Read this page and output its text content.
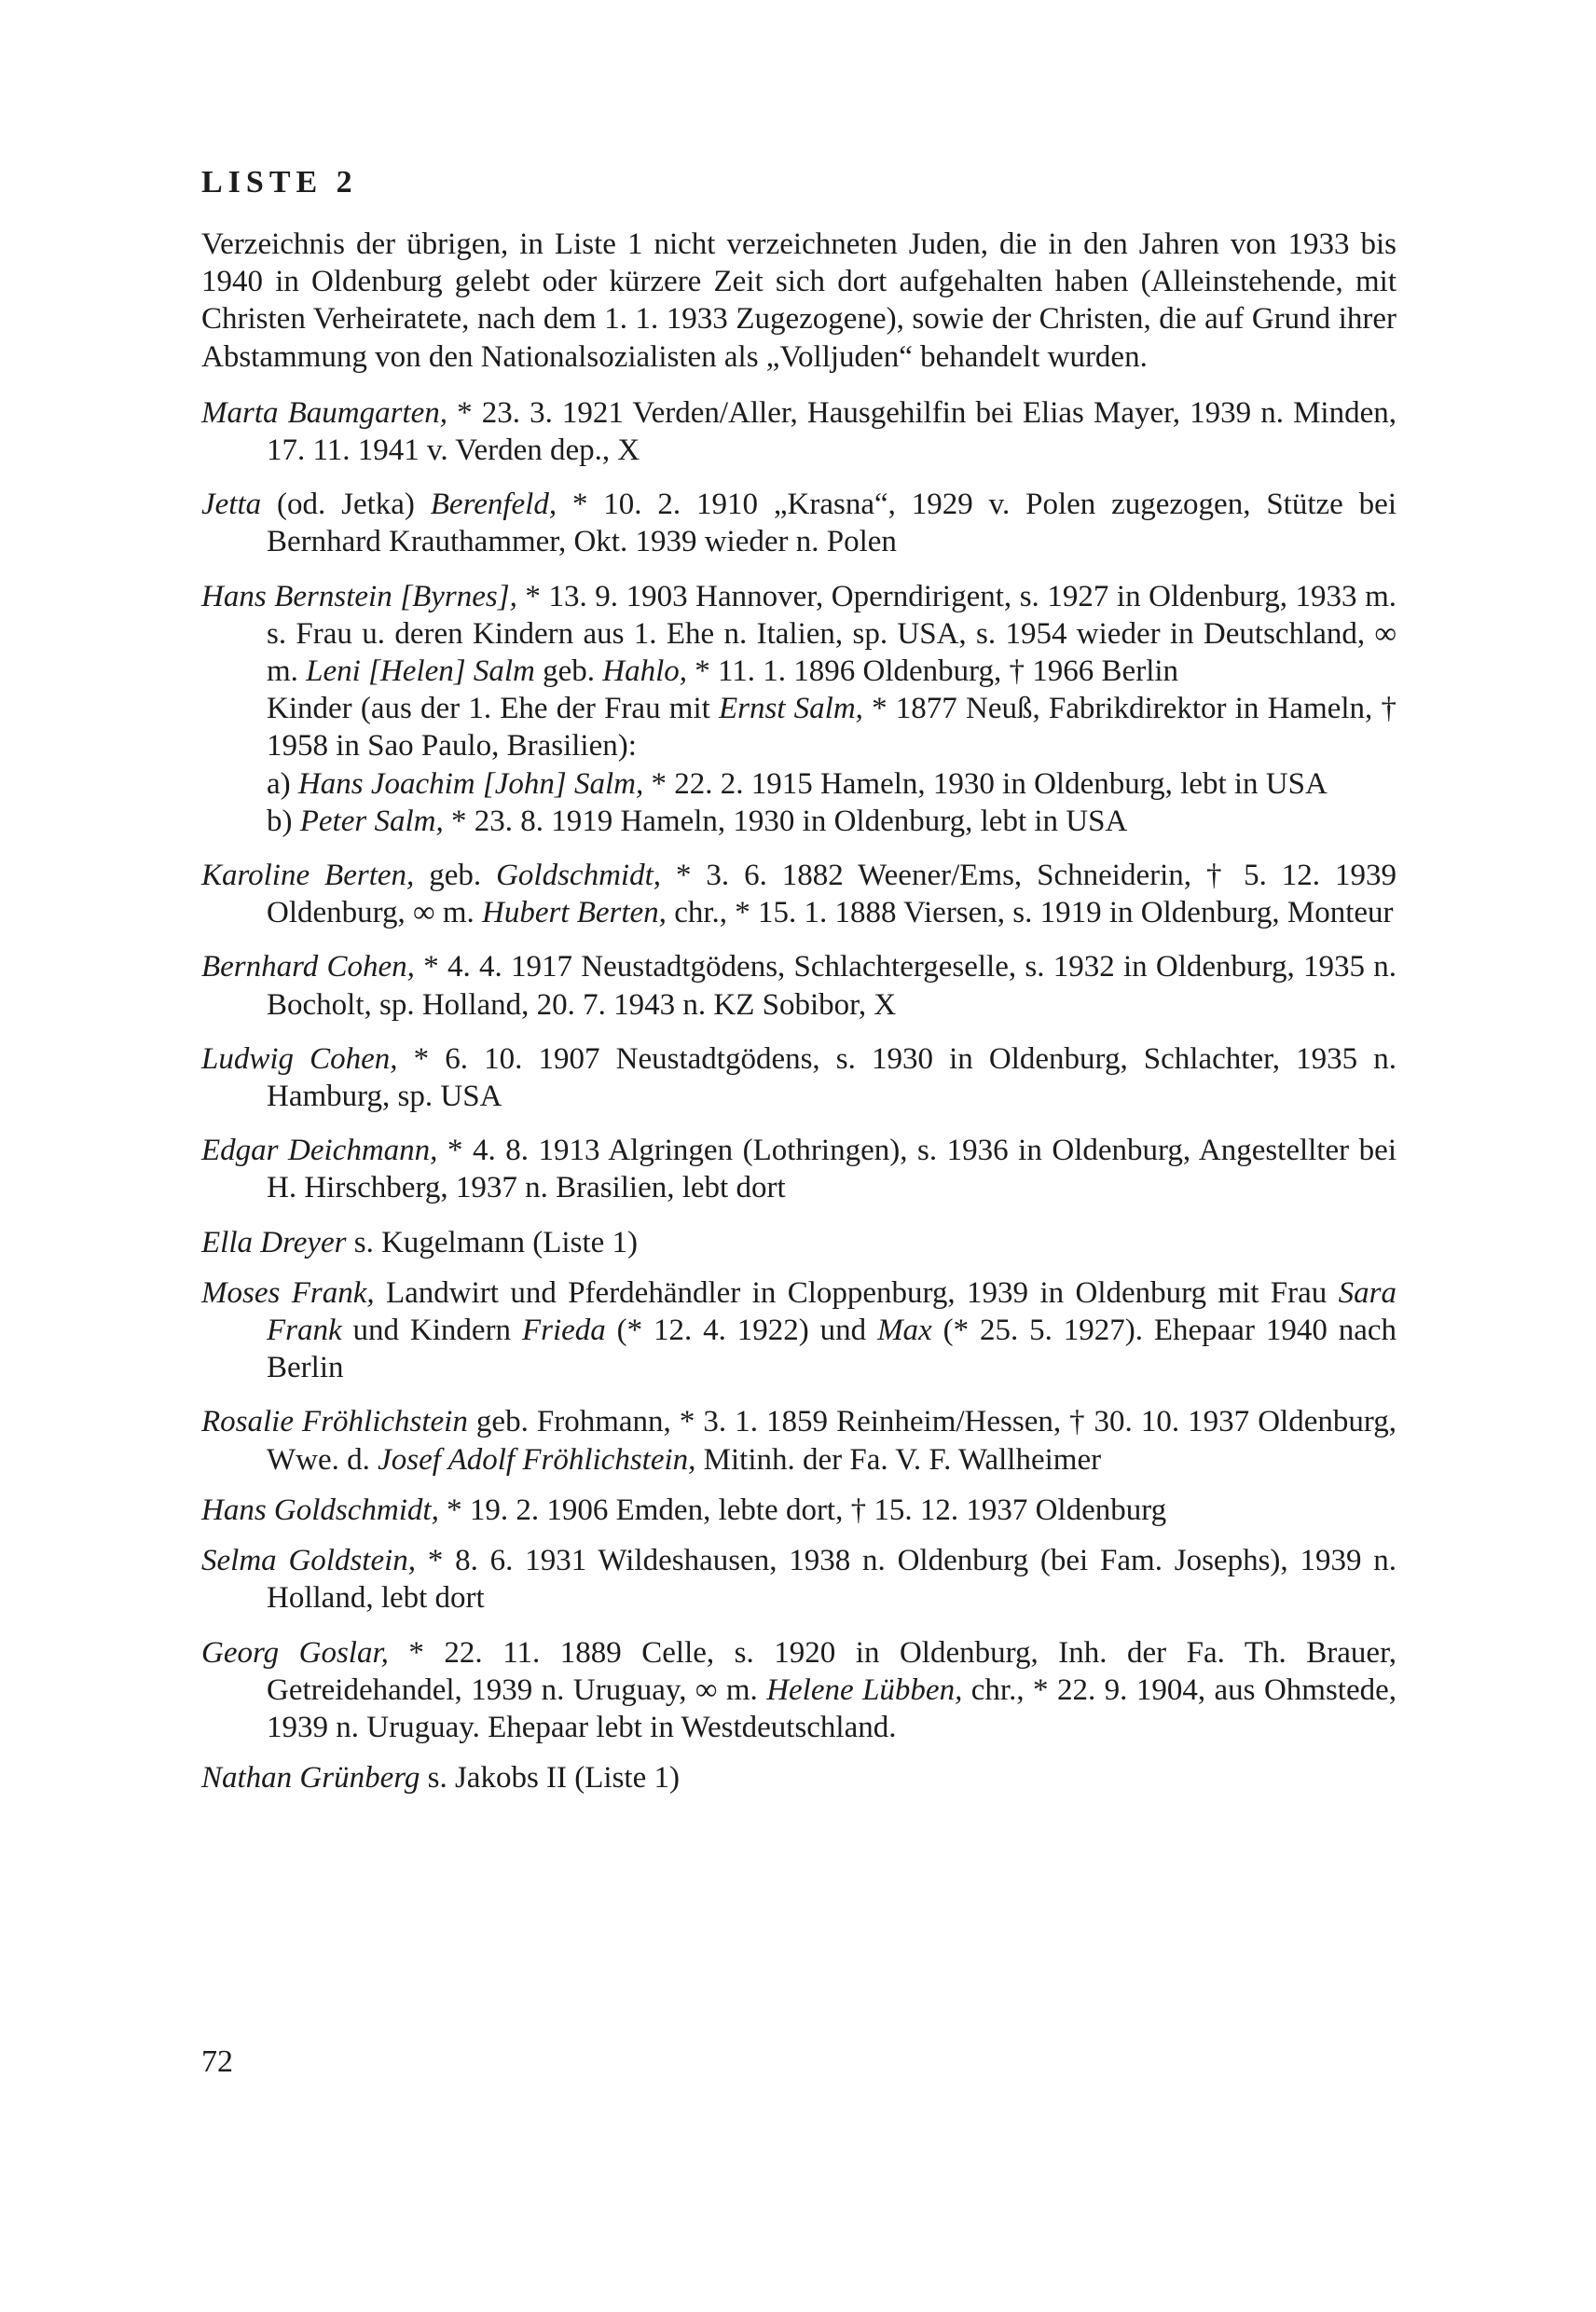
LISTE 2

Verzeichnis der übrigen, in Liste 1 nicht verzeichneten Juden, die in den Jahren von 1933 bis 1940 in Oldenburg gelebt oder kürzere Zeit sich dort aufgehalten haben (Alleinstehende, mit Christen Verheiratete, nach dem 1. 1. 1933 Zugezogene), sowie der Christen, die auf Grund ihrer Abstammung von den Nationalsozialisten als „Volljuden“ behandelt wurden.

Marta Baumgarten, * 23. 3. 1921 Verden/Aller, Hausgehilfin bei Elias Mayer, 1939 n. Minden, 17. 11. 1941 v. Verden dep., X

Jetta (od. Jetka) Berenfeld, * 10. 2. 1910 „Krasna“, 1929 v. Polen zugezogen, Stütze bei Bernhard Krauthammer, Okt. 1939 wieder n. Polen

Hans Bernstein [Byrnes], * 13. 9. 1903 Hannover, Operndirigent, s. 1927 in Oldenburg, 1933 m. s. Frau u. deren Kindern aus 1. Ehe n. Italien, sp. USA, s. 1954 wieder in Deutschland, ∞ m. Leni [Helen] Salm geb. Hahlo, * 11. 1. 1896 Oldenburg, † 1966 Berlin

Kinder (aus der 1. Ehe der Frau mit Ernst Salm, * 1877 Neuß, Fabrikdirektor in Hameln, † 1958 in Sao Paulo, Brasilien):

a) Hans Joachim [John] Salm, * 22. 2. 1915 Hameln, 1930 in Oldenburg, lebt in USA

b) Peter Salm, * 23. 8. 1919 Hameln, 1930 in Oldenburg, lebt in USA

Karoline Berten, geb. Goldschmidt, * 3. 6. 1882 Weener/Ems, Schneiderin, † 5. 12. 1939 Oldenburg, ∞ m. Hubert Berten, chr., * 15. 1. 1888 Viersen, s. 1919 in Oldenburg, Monteur

Bernhard Cohen, * 4. 4. 1917 Neustadtgödens, Schlachtergeselle, s. 1932 in Oldenburg, 1935 n. Bocholt, sp. Holland, 20. 7. 1943 n. KZ Sobibor, X

Ludwig Cohen, * 6. 10. 1907 Neustadtgödens, s. 1930 in Oldenburg, Schlachter, 1935 n. Hamburg, sp. USA

Edgar Deichmann, * 4. 8. 1913 Algringen (Lothringen), s. 1936 in Oldenburg, Angestellter bei H. Hirschberg, 1937 n. Brasilien, lebt dort

Ella Dreyer s. Kugelmann (Liste 1)

Moses Frank, Landwirt und Pferdehändler in Cloppenburg, 1939 in Oldenburg mit Frau Sara Frank und Kindern Frieda (* 12. 4. 1922) und Max (* 25. 5. 1927). Ehepaar 1940 nach Berlin

Rosalie Fröhlichstein geb. Frohmann, * 3. 1. 1859 Reinheim/Hessen, † 30. 10. 1937 Oldenburg, Wwe. d. Josef Adolf Fröhlichstein, Mitinh. der Fa. V. F. Wallheimer

Hans Goldschmidt, * 19. 2. 1906 Emden, lebte dort, † 15. 12. 1937 Oldenburg

Selma Goldstein, * 8. 6. 1931 Wildeshausen, 1938 n. Oldenburg (bei Fam. Josephs), 1939 n. Holland, lebt dort

Georg Goslar, * 22. 11. 1889 Celle, s. 1920 in Oldenburg, Inh. der Fa. Th. Brauer, Getreidehandel, 1939 n. Uruguay, ∞ m. Helene Lübben, chr., * 22. 9. 1904, aus Ohmstede, 1939 n. Uruguay. Ehepaar lebt in Westdeutschland.

Nathan Grünberg s. Jakobs II (Liste 1)

72
